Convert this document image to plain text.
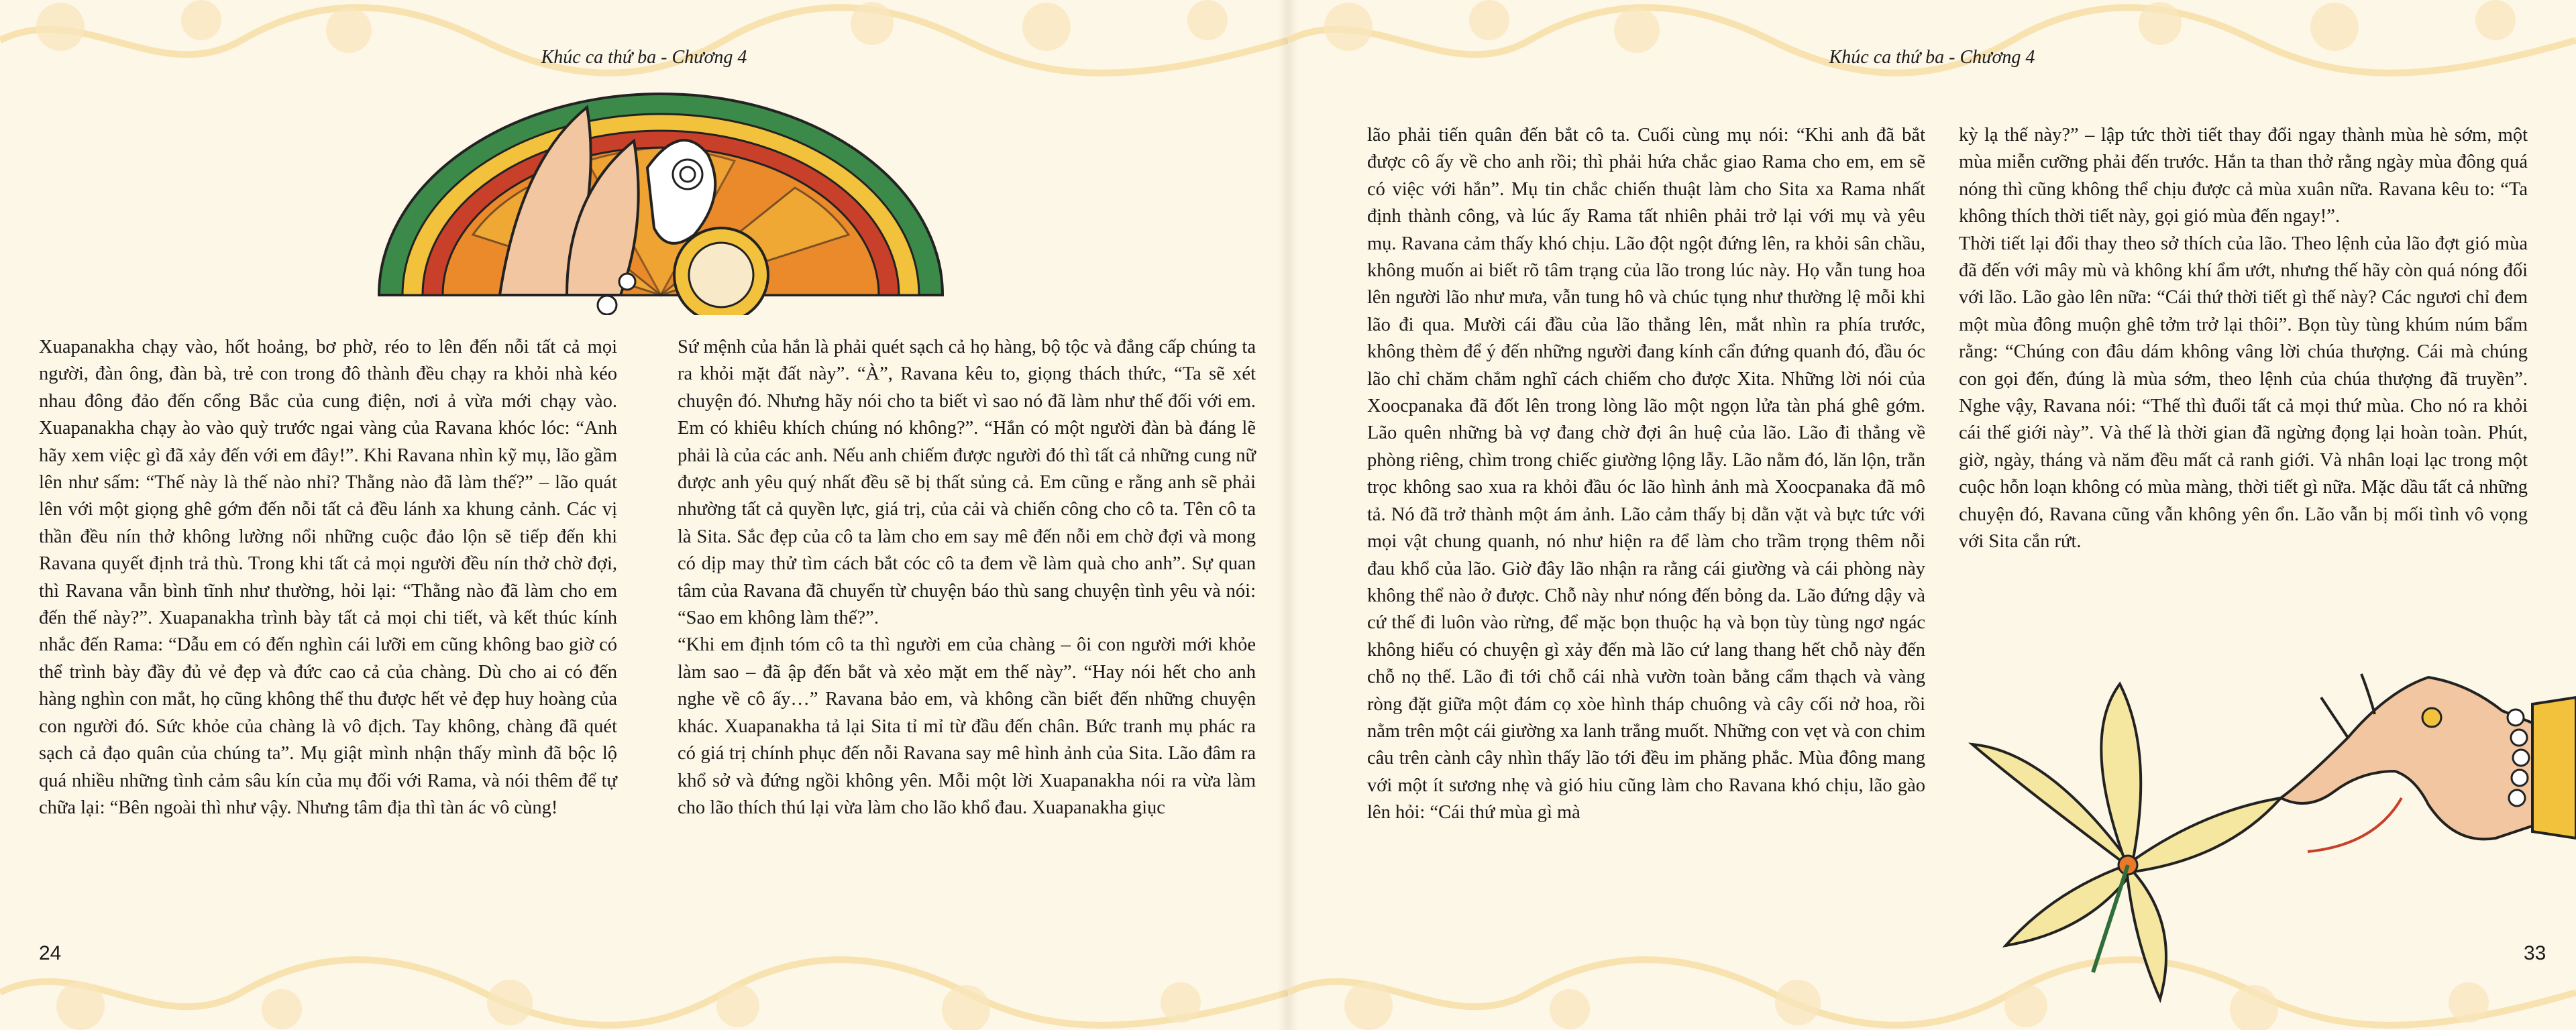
Khúc ca thứ ba - Chương 4

Xuapanakha chạy vào, hốt hoảng, bơ phờ, réo to lên đến nỗi tất cả mọi người, đàn ông, đàn bà, trẻ con trong đô thành đều chạy ra khỏi nhà kéo nhau đông đảo đến cổng Bắc của cung điện, nơi ả vừa mới chạy vào. Xuapanakha chạy ào vào quỳ trước ngai vàng của Ravana khóc lóc: “Anh hãy xem việc gì đã xảy đến với em đây!”. Khi Ravana nhìn kỹ mụ, lão gầm lên như sấm: “Thế này là thế nào nhỉ? Thằng nào đã làm thế?” – lão quát lên với một giọng ghê gớm đến nỗi tất cả đều lánh xa khung cảnh. Các vị thần đều nín thở không lường nổi những cuộc đảo lộn sẽ tiếp đến khi Ravana quyết định trả thù. Trong khi tất cả mọi người đều nín thở chờ đợi, thì Ravana vẫn bình tĩnh như thường, hỏi lại: “Thằng nào đã làm cho em đến thế này?”. Xuapanakha trình bày tất cả mọi chi tiết, và kết thúc kính nhắc đến Rama: “Dẫu em có đến nghìn cái lưỡi em cũng không bao giờ có thể trình bày đầy đủ vẻ đẹp và đức cao cả của chàng. Dù cho ai có đến hàng nghìn con mắt, họ cũng không thể thu được hết vẻ đẹp huy hoàng của con người đó. Sức khỏe của chàng là vô địch. Tay không, chàng đã quét sạch cả đạo quân của chúng ta”. Mụ giật mình nhận thấy mình đã bộc lộ quá nhiều những tình cảm sâu kín của mụ đối với Rama, và nói thêm để tự chữa lại: “Bên ngoài thì như vậy. Nhưng tâm địa thì tàn ác vô cùng!

Sứ mệnh của hắn là phải quét sạch cả họ hàng, bộ tộc và đẳng cấp chúng ta ra khỏi mặt đất này”. “À”, Ravana kêu to, giọng thách thức, “Ta sẽ xét chuyện đó. Nhưng hãy nói cho ta biết vì sao nó đã làm như thế đối với em. Em có khiêu khích chúng nó không?”. “Hắn có một người đàn bà đáng lẽ phải là của các anh. Nếu anh chiếm được người đó thì tất cả những cung nữ được anh yêu quý nhất đều sẽ bị thất sủng cả. Em cũng e rằng anh sẽ phải nhường tất cả quyền lực, giá trị, của cải và chiến công cho cô ta. Tên cô ta là Sita. Sắc đẹp của cô ta làm cho em say mê đến nỗi em chờ đợi và mong có dịp may thử tìm cách bắt cóc cô ta đem về làm quà cho anh”. Sự quan tâm của Ravana đã chuyển từ chuyện báo thù sang chuyện tình yêu và nói: “Sao em không làm thế?”.

“Khi em định tóm cô ta thì người em của chàng – ôi con người mới khỏe làm sao – đã ập đến bắt và xẻo mặt em thế này”. “Hay nói hết cho anh nghe về cô ấy…” Ravana bảo em, và không cần biết đến những chuyện khác. Xuapanakha tả lại Sita tỉ mỉ từ đầu đến chân. Bức tranh mụ phác ra có giá trị chính phục đến nỗi Ravana say mê hình ảnh của Sita. Lão đâm ra khổ sở và đứng ngồi không yên. Mỗi một lời Xuapanakha nói ra vừa làm cho lão thích thú lại vừa làm cho lão khổ đau. Xuapanakha giục

24
Khúc ca thứ ba - Chương 4

lão phải tiến quân đến bắt cô ta. Cuối cùng mụ nói: “Khi anh đã bắt được cô ấy về cho anh rồi; thì phải hứa chắc giao Rama cho em, em sẽ có việc với hắn”. Mụ tin chắc chiến thuật làm cho Sita xa Rama nhất định thành công, và lúc ấy Rama tất nhiên phải trở lại với mụ và yêu mụ. Ravana cảm thấy khó chịu. Lão đột ngột đứng lên, ra khỏi sân chầu, không muốn ai biết rõ tâm trạng của lão trong lúc này. Họ vẫn tung hoa lên người lão như mưa, vẫn tung hô và chúc tụng như thường lệ mỗi khi lão đi qua. Mười cái đầu của lão thẳng lên, mắt nhìn ra phía trước, không thèm để ý đến những người đang kính cẩn đứng quanh đó, đầu óc lão chỉ chăm chắm nghĩ cách chiếm cho được Xita. Những lời nói của Xoocpanaka đã đốt lên trong lòng lão một ngọn lửa tàn phá ghê gớm. Lão quên những bà vợ đang chờ đợi ân huệ của lão. Lão đi thẳng về phòng riêng, chìm trong chiếc giường lộng lẫy. Lão nằm đó, lăn lộn, trằn trọc không sao xua ra khỏi đầu óc lão hình ảnh mà Xoocpanaka đã mô tả. Nó đã trở thành một ám ảnh. Lão cảm thấy bị dằn vặt và bực tức với mọi vật chung quanh, nó như hiện ra để làm cho trầm trọng thêm nỗi đau khổ của lão. Giờ đây lão nhận ra rằng cái giường và cái phòng này không thể nào ở được. Chỗ này như nóng đến bỏng da. Lão đứng dậy và cứ thế đi luôn vào rừng, để mặc bọn thuộc hạ và bọn tùy tùng ngơ ngác không hiểu có chuyện gì xảy đến mà lão cứ lang thang hết chỗ này đến chỗ nọ thế. Lão đi tới chỗ cái nhà vườn toàn bằng cẩm thạch và vàng ròng đặt giữa một đám cọ xòe hình tháp chuông và cây cối nở hoa, rồi nằm trên một cái giường xa lanh trắng muốt. Những con vẹt và con chim câu trên cành cây nhìn thấy lão tới đều im phăng phắc. Mùa đông mang với một ít sương nhẹ và gió hiu cũng làm cho Ravana khó chịu, lão gào lên hỏi: “Cái thứ mùa gì mà

kỳ lạ thế này?” – lập tức thời tiết thay đổi ngay thành mùa hè sớm, một mùa miễn cưỡng phải đến trước. Hắn ta than thở rằng ngày mùa đông quá nóng thì cũng không thể chịu được cả mùa xuân nữa. Ravana kêu to: “Ta không thích thời tiết này, gọi gió mùa đến ngay!”.

Thời tiết lại đổi thay theo sở thích của lão. Theo lệnh của lão đợt gió mùa đã đến với mây mù và không khí ẩm ướt, nhưng thế hãy còn quá nóng đối với lão. Lão gào lên nữa: “Cái thứ thời tiết gì thế này? Các ngươi chỉ đem một mùa đông muộn ghê tởm trở lại thôi”. Bọn tùy tùng khúm núm bẩm rằng: “Chúng con đâu dám không vâng lời chúa thượng. Cái mà chúng con gọi đến, đúng là mùa sớm, theo lệnh của chúa thượng đã truyền”. Nghe vậy, Ravana nói: “Thế thì đuổi tất cả mọi thứ mùa. Cho nó ra khỏi cái thế giới này”. Và thế là thời gian đã ngừng đọng lại hoàn toàn. Phút, giờ, ngày, tháng và năm đều mất cả ranh giới. Và nhân loại lạc trong một cuộc hỗn loạn không có mùa màng, thời tiết gì nữa. Mặc dầu tất cả những chuyện đó, Ravana cũng vẫn không yên ổn. Lão vẫn bị mối tình vô vọng với Sita cắn rứt.

33
